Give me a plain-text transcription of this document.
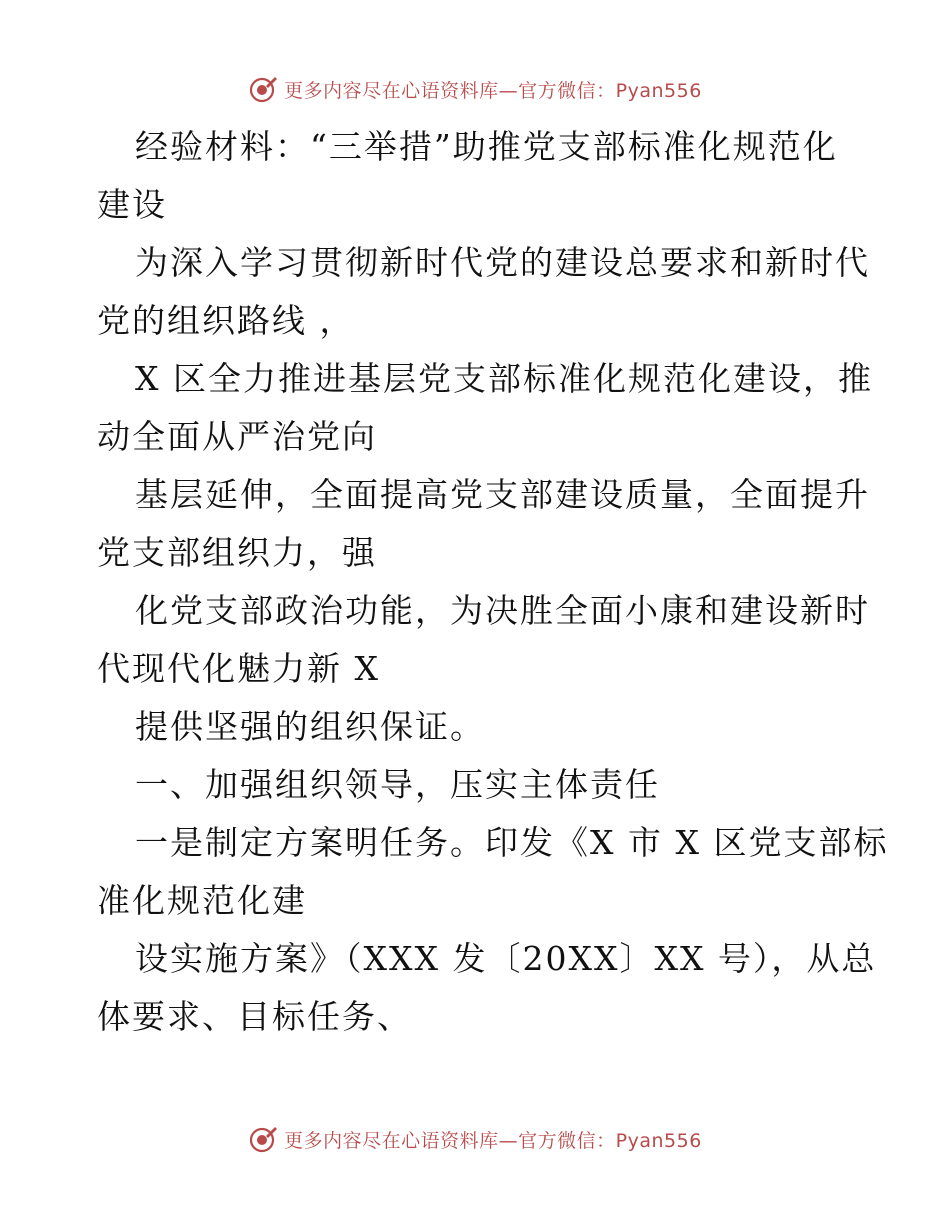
更多内容尽在心语资料库—官方微信：Pyan556
经验材料：“三举措”助推党支部标准化规范化
建设
为深入学习贯彻新时代党的建设总要求和新时代
党的组织路线 ，
X 区全力推进基层党支部标准化规范化建设，推
动全面从严治党向
基层延伸，全面提高党支部建设质量，全面提升
党支部组织力，强
化党支部政治功能，为决胜全面小康和建设新时
代现代化魅力新 X
提供坚强的组织保证。
一、加强组织领导，压实主体责任
一是制定方案明任务。印发《X 市 X 区党支部标
准化规范化建
设实施方案》（XXX 发〔20XX〕XX 号），从总
体要求、目标任务、
更多内容尽在心语资料库—官方微信：Pyan556
